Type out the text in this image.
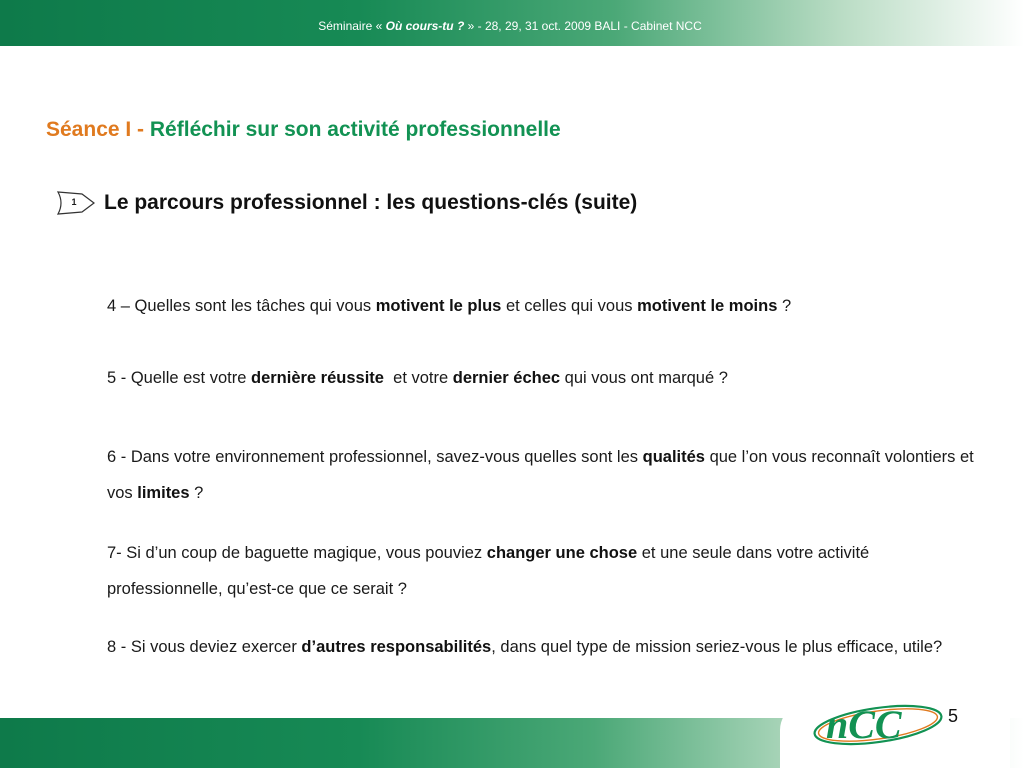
Séminaire « Où cours-tu ? » - 28, 29, 31 oct. 2009 BALI - Cabinet NCC
Séance I - Réfléchir sur son activité professionnelle
1 Le parcours professionnel : les questions-clés (suite)
4 – Quelles sont les tâches qui vous motivent le plus et celles qui vous motivent le moins ?
5 - Quelle est votre dernière réussite  et votre dernier échec qui vous ont marqué ?
6 - Dans votre environnement professionnel, savez-vous quelles sont les qualités que l’on vous reconnaît volontiers et vos limites ?
7- Si d’un coup de baguette magique, vous pouviez changer une chose et une seule dans votre activité professionnelle, qu’est-ce que ce serait ?
8 - Si vous deviez exercer d’autres responsabilités, dans quel type de mission seriez-vous le plus efficace, utile?
nCC	5
